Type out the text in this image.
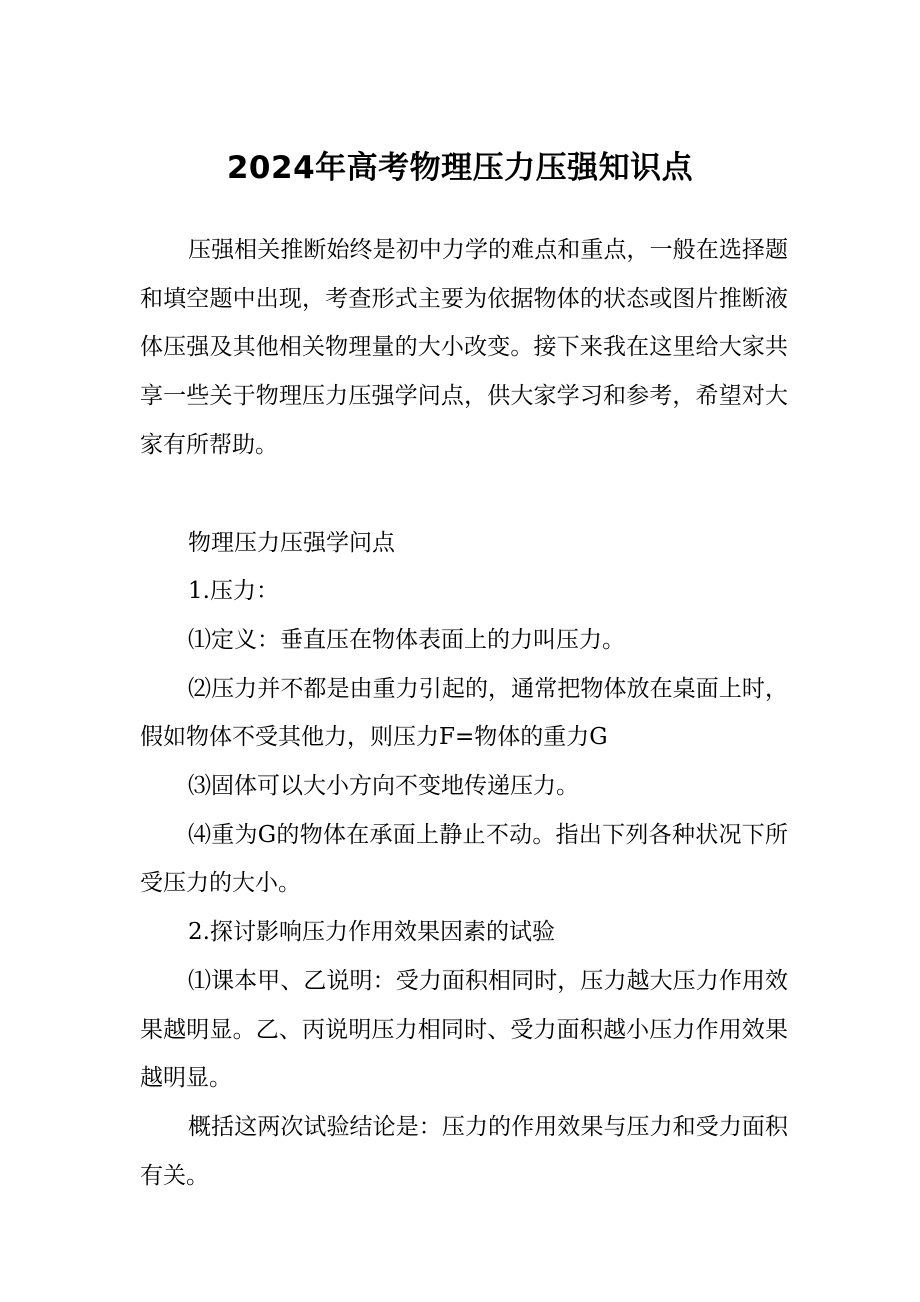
2024年高考物理压力压强知识点

压强相关推断始终是初中力学的难点和重点，一般在选择题和填空题中出现，考查形式主要为依据物体的状态或图片推断液体压强及其他相关物理量的大小改变。接下来我在这里给大家共享一些关于物理压力压强学问点，供大家学习和参考，希望对大家有所帮助。

物理压力压强学问点

1.压力：

⑴定义：垂直压在物体表面上的力叫压力。

⑵压力并不都是由重力引起的，通常把物体放在桌面上时，假如物体不受其他力，则压力F=物体的重力G

⑶固体可以大小方向不变地传递压力。

⑷重为G的物体在承面上静止不动。指出下列各种状况下所受压力的大小。

2.探讨影响压力作用效果因素的试验

⑴课本甲、乙说明：受力面积相同时，压力越大压力作用效果越明显。乙、丙说明压力相同时、受力面积越小压力作用效果越明显。

概括这两次试验结论是：压力的作用效果与压力和受力面积有关。
